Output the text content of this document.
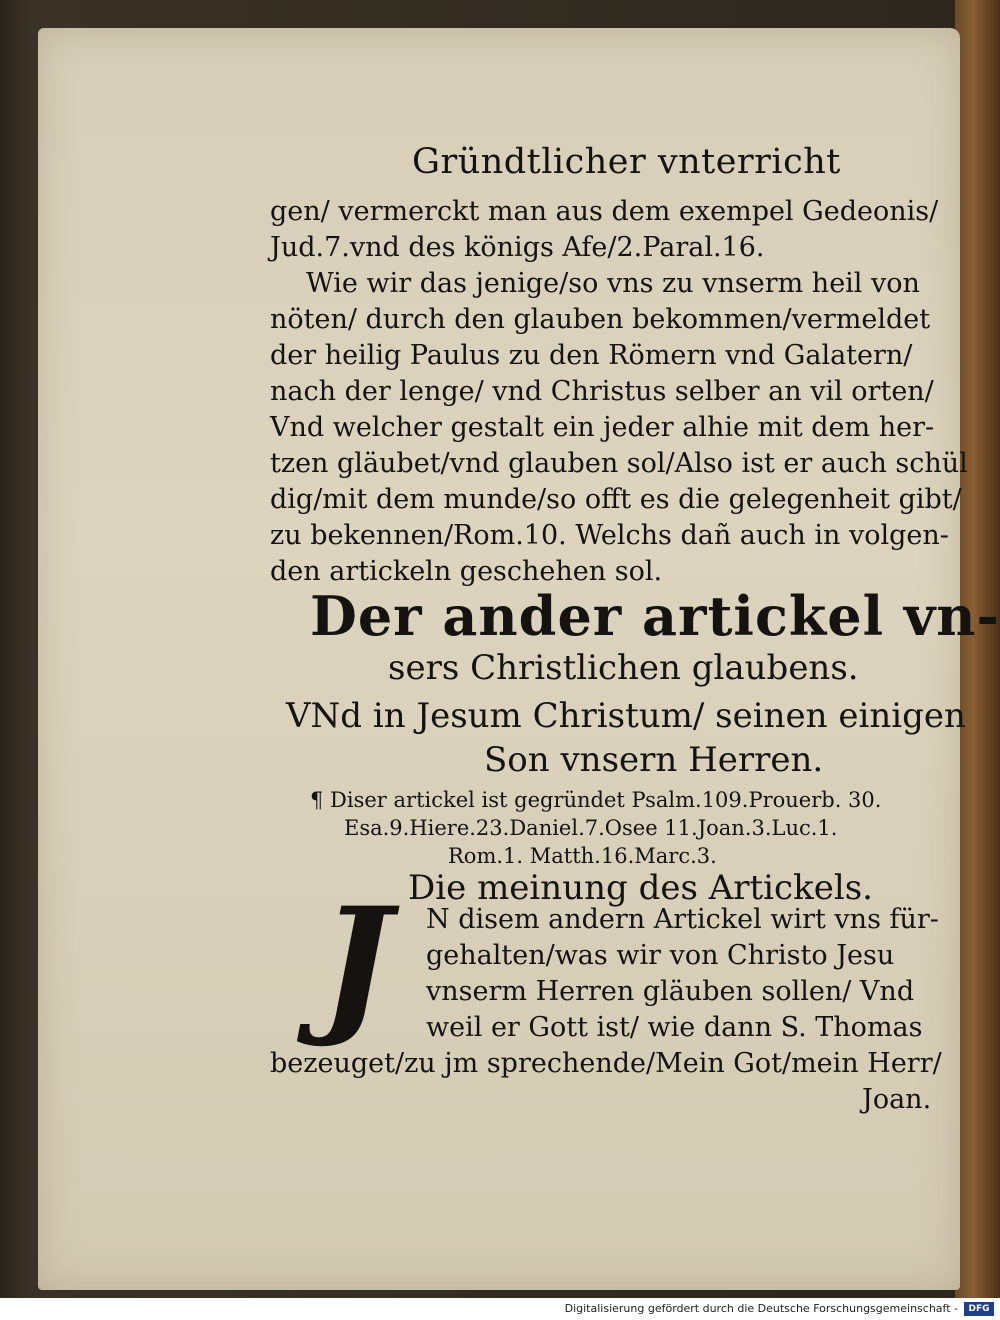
Gründtlicher vnterricht
gen/ vermerckt man aus dem exempel Gedeonis/
Jud.7.vnd des königs Afe/2.Paral.16.
Wie wir das jenige/so vns zu vnserm heil von
nöten/ durch den glauben bekommen/vermeldet
der heilig Paulus zu den Römern vnd Galatern/
nach der lenge/ vnd Christus selber an vil orten/
Vnd welcher gestalt ein jeder alhie mit dem her-
tzen gläubet/vnd glauben sol/Also ist er auch schül
dig/mit dem munde/so offt es die gelegenheit gibt/
zu bekennen/Rom.10. Welchs dañ auch in volgen-
den artickeln geschehen sol.
Der ander artickel vn-
sers Christlichen glaubens.
VNd in Jesum Christum/ seinen einigen
Son vnsern Herren.
¶ Diser artickel ist gegründet Psalm.109.Prouerb. 30.
Esa.9.Hiere.23.Daniel.7.Osee 11.Joan.3.Luc.1.
Rom.1. Matth.16.Marc.3.
Die meinung des Artickels.
N disem andern Artickel wirt vns für-
gehalten/was wir von Christo Jesu
vnserm Herren gläuben sollen/ Vnd
weil er Gott ist/ wie dann S. Thomas
bezeuget/zu jm sprechende/Mein Got/mein Herr/
Joan.
J
Digitalisierung gefördert durch die Deutsche Forschungsgemeinschaft -	DFG
